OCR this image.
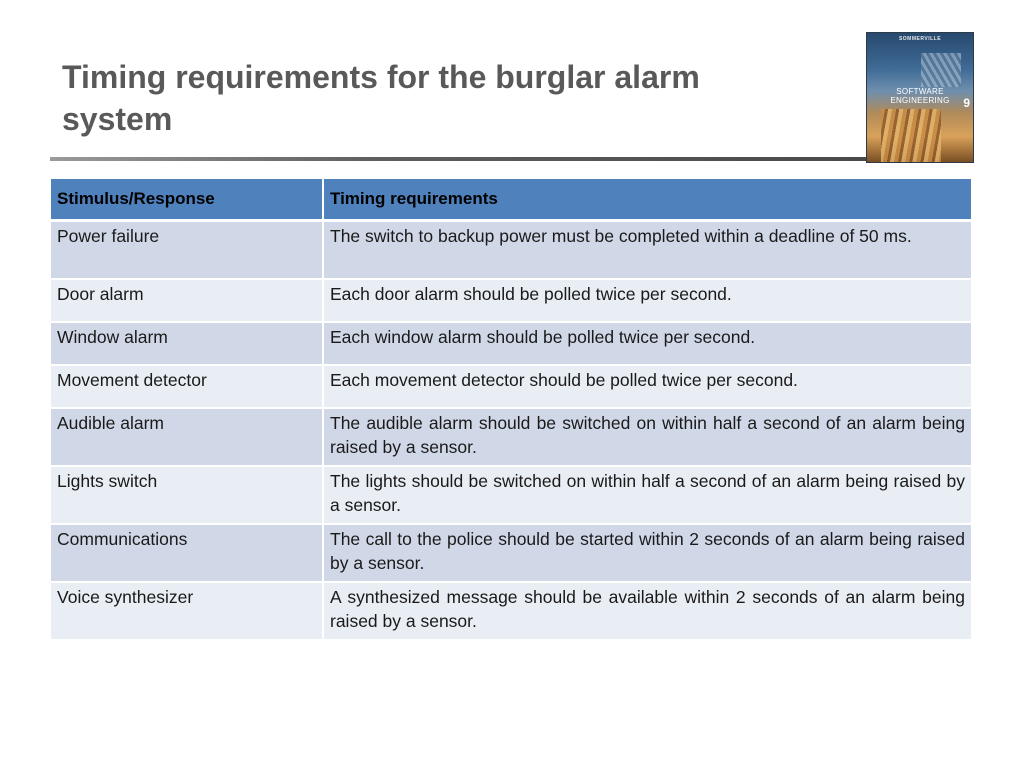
Timing requirements for the burglar alarm
system
SOMMERVILLE
SOFTWARE ENGINEERING	9
Stimulus/Response	Timing requirements
Power failure	The switch to backup power must be completed within a deadline of 50 ms.
Door alarm	Each door alarm should be polled twice per second.
Window alarm	Each window alarm should be polled twice per second.
Movement detector	Each movement detector should be polled twice per second.
Audible alarm	The audible alarm should be switched on within half a second of an alarm being raised by a sensor.
Lights switch	The lights should be switched on within half a second of an alarm being raised by a sensor.
Communications	The call to the police should be started within 2 seconds of an alarm being raised by a sensor.
Voice synthesizer	A synthesized message should be available within 2 seconds of an alarm being raised by a sensor.
